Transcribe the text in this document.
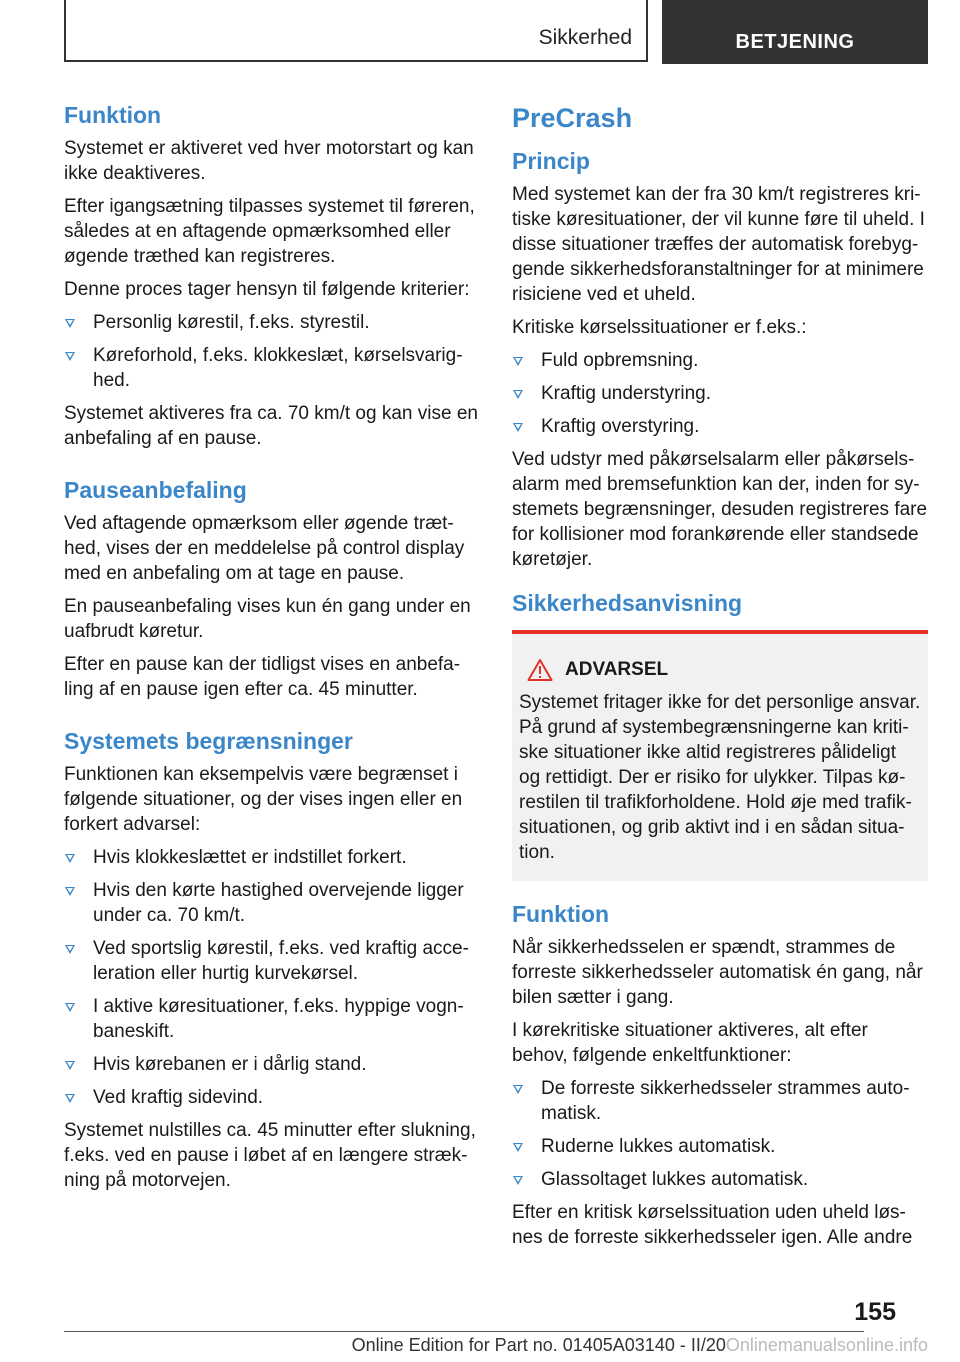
Sikkerhed	BETJENING
Funktion

Systemet er aktiveret ved hver motorstart og kan ikke deaktiveres.

Efter igangsætning tilpasses systemet til føreren, således at en aftagende opmærksomhed eller øgende træthed kan registreres.

Denne proces tager hensyn til følgende kriterier:

Personlig kørestil, f.eks. styrestil.
Køreforhold, f.eks. klokkeslæt, kørselsvarig-hed.

Systemet aktiveres fra ca. 70 km/t og kan vise en anbefaling af en pause.

Pauseanbefaling

Ved aftagende opmærksom eller øgende træt-hed, vises der en meddelelse på control display med en anbefaling om at tage en pause.

En pauseanbefaling vises kun én gang under en uafbrudt køretur.

Efter en pause kan der tidligst vises en anbefa-ling af en pause igen efter ca. 45 minutter.

Systemets begrænsninger

Funktionen kan eksempelvis være begrænset i følgende situationer, og der vises ingen eller en forkert advarsel:

Hvis klokkeslættet er indstillet forkert.
Hvis den kørte hastighed overvejende ligger under ca. 70 km/t.
Ved sportslig kørestil, f.eks. ved kraftig acce-leration eller hurtig kurvekørsel.
I aktive køresituationer, f.eks. hyppige vogn-baneskift.
Hvis kørebanen er i dårlig stand.
Ved kraftig sidevind.

Systemet nulstilles ca. 45 minutter efter slukning, f.eks. ved en pause i løbet af en længere stræk-ning på motorvejen.

PreCrash
Princip

Med systemet kan der fra 30 km/t registreres kri-tiske køresituationer, der vil kunne føre til uheld. I disse situationer træffes der automatisk forebyg-gende sikkerhedsforanstaltninger for at minimere risiciene ved et uheld.

Kritiske kørselssituationer er f.eks.:

Fuld opbremsning.
Kraftig understyring.
Kraftig overstyring.

Ved udstyr med påkørselsalarm eller påkørsels-alarm med bremsefunktion kan der, inden for sy-stemets begrænsninger, desuden registreres fare for kollisioner mod forankørende eller standsede køretøjer.

Sikkerhedsanvisning
ADVARSEL

Systemet fritager ikke for det personlige ansvar. På grund af systembegrænsningerne kan kriti-ske situationer ikke altid registreres pålideligt og rettidigt. Der er risiko for ulykker. Tilpas kø-restilen til trafikforholdene. Hold øje med trafik-situationen, og grib aktivt ind i en sådan situa-tion.

Funktion

Når sikkerhedsselen er spændt, strammes de forreste sikkerhedsseler automatisk én gang, når bilen sætter i gang.

I kørekritiske situationer aktiveres, alt efter behov, følgende enkeltfunktioner:

De forreste sikkerhedsseler strammes auto-matisk.
Ruderne lukkes automatisk.
Glassoltaget lukkes automatisk.

Efter en kritisk kørselssituation uden uheld løs-nes de forreste sikkerhedsseler igen. Alle andre

155
Online Edition for Part no. 01405A03140 - II/20Onlinemanualsonline.info
